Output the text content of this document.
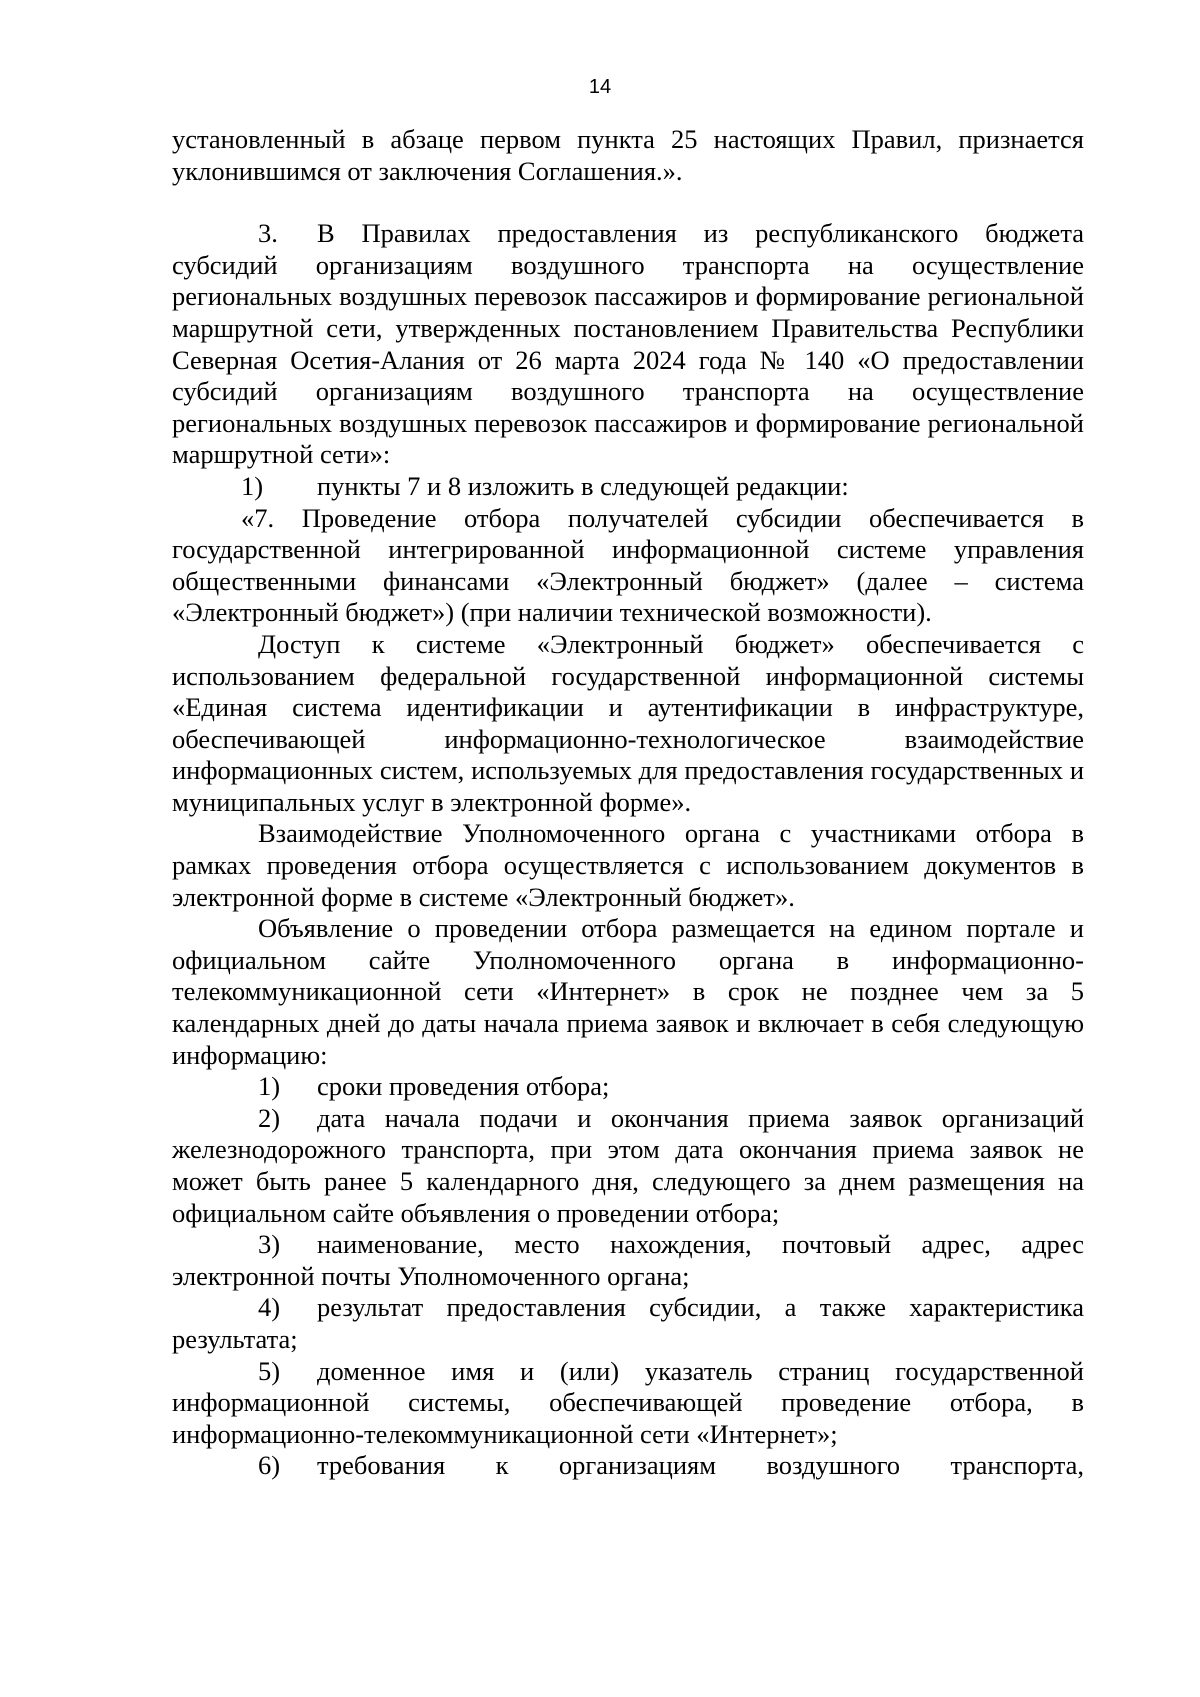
14

установленный в абзаце первом пункта 25 настоящих Правил, признается уклонившимся от заключения Соглашения.».

3. В Правилах предоставления из республиканского бюджета субсидий организациям воздушного транспорта на осуществление региональных воздушных перевозок пассажиров и формирование региональной маршрутной сети, утвержденных постановлением Правительства Республики Северная Осетия-Алания от 26 марта 2024 года № 140 «О предоставлении субсидий организациям воздушного транспорта на осуществление региональных воздушных перевозок пассажиров и формирование региональной маршрутной сети»:

1) пункты 7 и 8 изложить в следующей редакции:

«7. Проведение отбора получателей субсидии обеспечивается в государственной интегрированной информационной системе управления общественными финансами «Электронный бюджет» (далее – система «Электронный бюджет») (при наличии технической возможности).

Доступ к системе «Электронный бюджет» обеспечивается с использованием федеральной государственной информационной системы «Единая система идентификации и аутентификации в инфраструктуре, обеспечивающей информационно-технологическое взаимодействие информационных систем, используемых для предоставления государственных и муниципальных услуг в электронной форме».

Взаимодействие Уполномоченного органа с участниками отбора в рамках проведения отбора осуществляется с использованием документов в электронной форме в системе «Электронный бюджет».

Объявление о проведении отбора размещается на едином портале и официальном сайте Уполномоченного органа в информационно-телекоммуникационной сети «Интернет» в срок не позднее чем за 5 календарных дней до даты начала приема заявок и включает в себя следующую информацию:

1) сроки проведения отбора;

2) дата начала подачи и окончания приема заявок организаций железнодорожного транспорта, при этом дата окончания приема заявок не может быть ранее 5 календарного дня, следующего за днем размещения на официальном сайте объявления о проведении отбора;

3) наименование, место нахождения, почтовый адрес, адрес электронной почты Уполномоченного органа;

4) результат предоставления субсидии, а также характеристика результата;

5) доменное имя и (или) указатель страниц государственной информационной системы, обеспечивающей проведение отбора, в информационно-телекоммуникационной сети «Интернет»;

6) требования к организациям воздушного транспорта,
